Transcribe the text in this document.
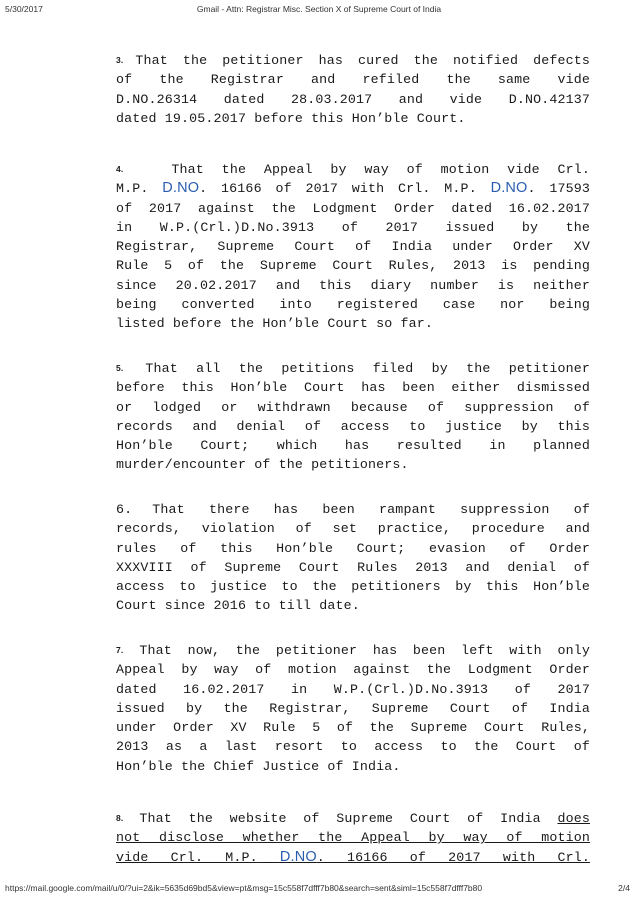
5/30/2017	Gmail - Attn: Registrar Misc. Section X of Supreme Court of India
3. That the petitioner has cured the notified defects
of the Registrar and refiled the same vide
D.NO.26314 dated 28.03.2017 and vide D.NO.42137
dated 19.05.2017 before this Hon’ble Court.
4.	That the Appeal by way of motion vide Crl.
M.P. D.NO. 16166 of 2017 with Crl. M.P. D.NO. 17593
of 2017 against the Lodgment Order dated 16.02.2017
in W.P.(Crl.)D.No.3913 of 2017 issued by the
Registrar, Supreme Court of India under Order XV
Rule 5 of the Supreme Court Rules, 2013 is pending
since 20.02.2017 and this diary number is neither
being converted into registered case nor being
listed before the Hon’ble Court so far.
5. That all the petitions filed by the petitioner
before this Hon’ble Court has been either dismissed
or lodged or withdrawn because of suppression of
records and denial of access to justice by this
Hon’ble Court; which has resulted in planned
murder/encounter of the petitioners.
6. That there has been rampant suppression of
records, violation of set practice, procedure and
rules of this Hon’ble Court; evasion of Order
XXXVIII of Supreme Court Rules 2013 and denial of
access to justice to the petitioners by this Hon’ble
Court since 2016 to till date.
7. That now, the petitioner has been left with only
Appeal by way of motion against the Lodgment Order
dated 16.02.2017 in W.P.(Crl.)D.No.3913 of 2017
issued by the Registrar, Supreme Court of India
under Order XV Rule 5 of the Supreme Court Rules,
2013 as a last resort to access to the Court of
Hon’ble the Chief Justice of India.
8. That the website of Supreme Court of India does
not disclose whether the Appeal by way of motion
vide Crl. M.P. D.NO. 16166 of 2017 with Crl.
https://mail.google.com/mail/u/0/?ui=2&ik=5635d69bd5&view=pt&msg=15c558f7dfff7b80&search=sent&siml=15c558f7dfff7b80	2/4
